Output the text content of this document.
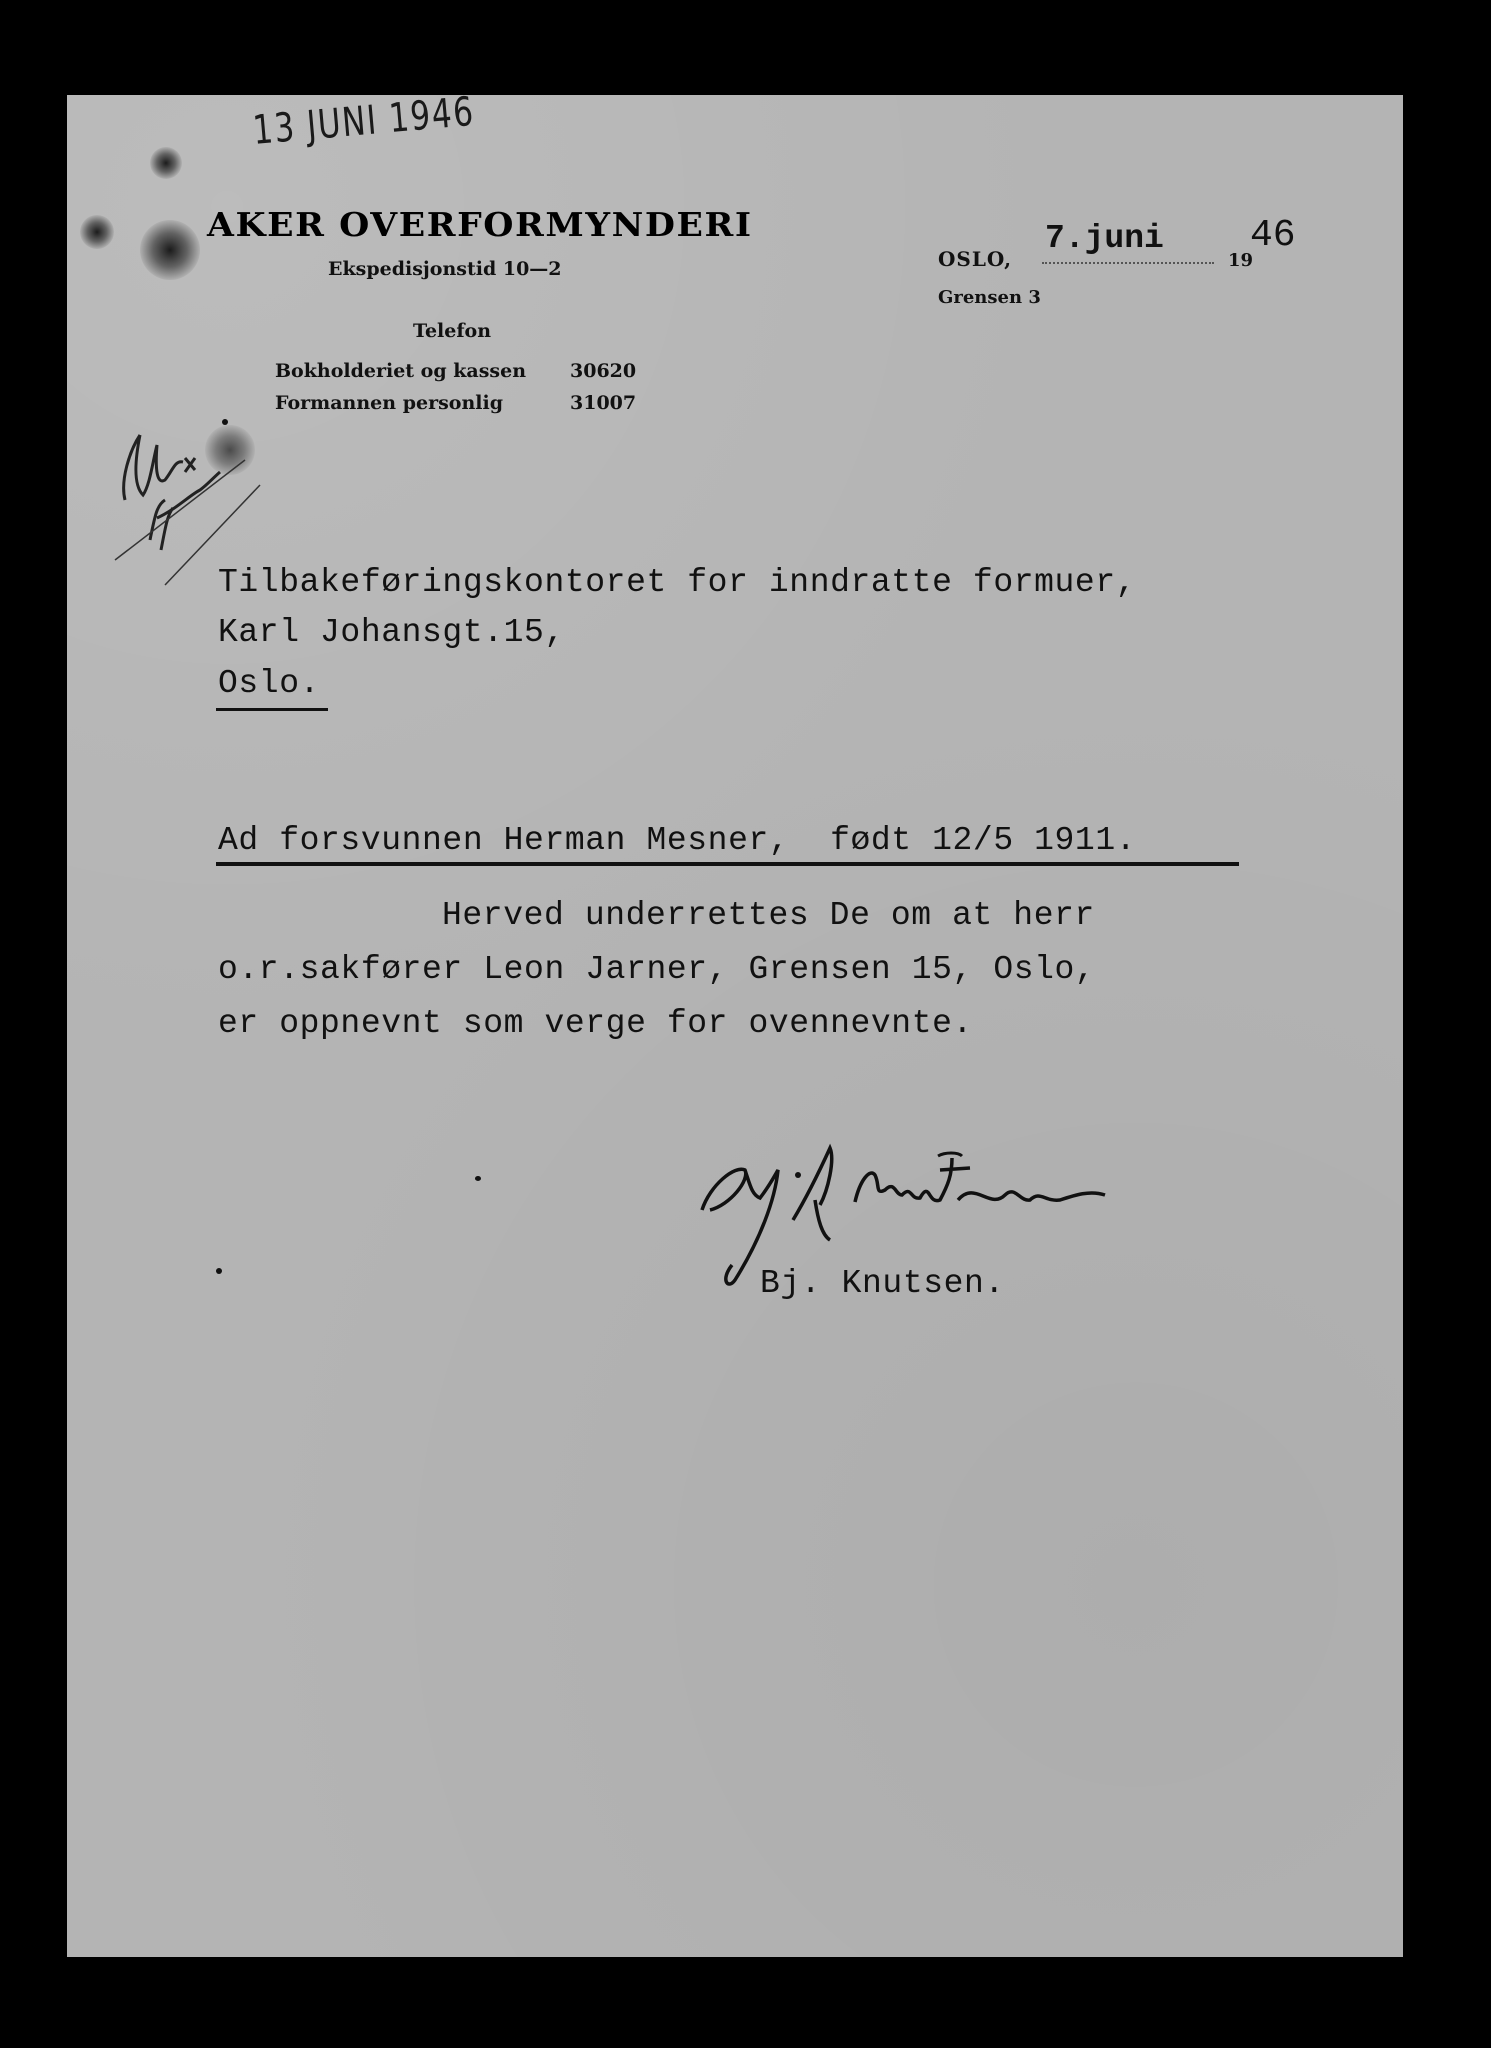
13 JUNI 1946
AKER OVERFORMYNDERI
Ekspedisjonstid 10—2
Telefon
Bokholderiet og kassen 30620
Formannen personlig	31007
OSLO,
7.juni
19
46
Grensen 3
Tilbakeføringskontoret for inndratte formuer,
Karl Johansgt.15,
Oslo.
Ad forsvunnen Herman Mesner,  født 12/5 1911.
Herved underrettes De om at herr
o.r.sakfører Leon Jarner, Grensen 15, Oslo,
er oppnevnt som verge for ovennevnte.
Bj. Knutsen.
